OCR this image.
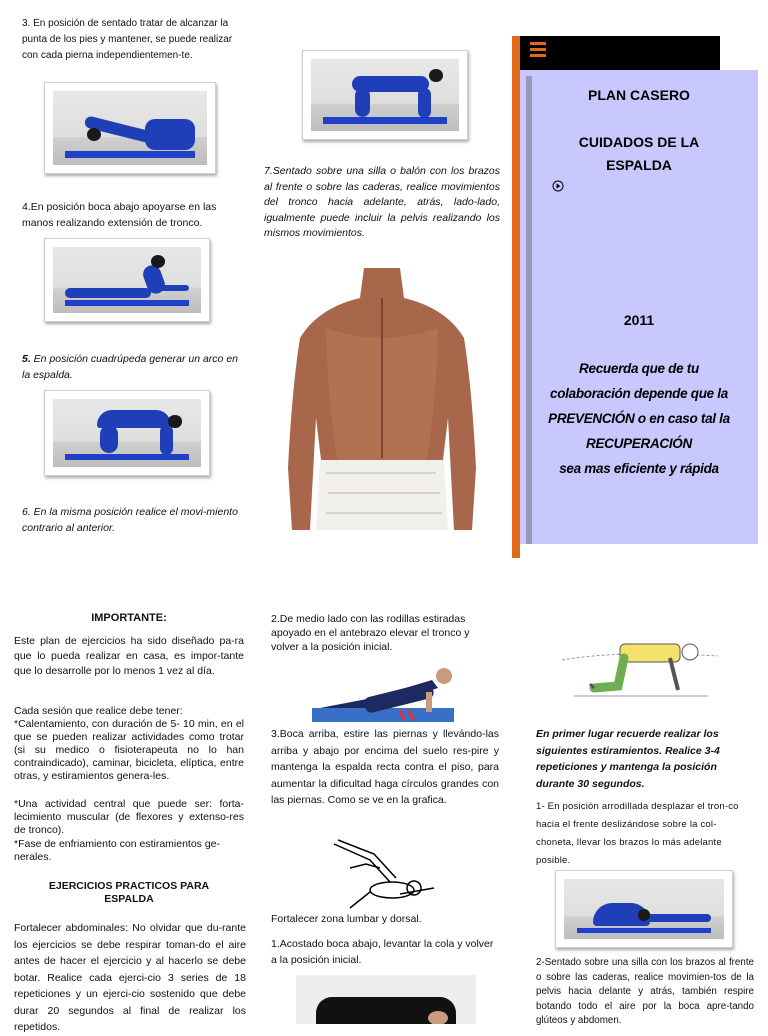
3. En posición de sentado tratar de alcanzar la punta de los pies y mantener, se puede realizar con cada pierna independientemen-te.
4.En posición boca abajo apoyarse en las manos realizando extensión de tronco.
5. En posición cuadrúpeda generar un arco en la espalda.
6. En la misma posición realice el movi-miento contrario al anterior.
7.Sentado sobre una silla o balón con los brazos al frente o sobre las caderas, realice movimientos del tronco hacia adelante, atrás, lado-lado, igualmente puede incluir la pelvis realizando los mismos movimientos.
PLAN CASERO
CUIDADOS DE LA
ESPALDA
2011
Recuerda que de tu
colaboración depende que la
PREVENCIÓN o en caso tal la
RECUPERACIÓN
sea mas eficiente y rápida
IMPORTANTE:
Este plan de ejercicios ha sido diseñado pa-ra que lo pueda realizar en casa, es impor-tante que lo desarrolle por lo menos 1 vez al día.
Cada sesión que realice debe tener:
*Calentamiento, con duración de 5- 10 min, en el que se pueden realizar actividades como trotar (si su medico o fisioterapeuta no lo han contraindicado), caminar, bicicleta, elíptica, entre otras, y estiramientos genera-les.
*Una actividad central que puede ser: forta-lecimiento muscular (de flexores y extenso-res de tronco).
*Fase de enfriamiento con estiramientos ge-nerales.
EJERCICIOS PRACTICOS PARA ESPALDA
Fortalecer abdominales: No olvidar que du-rante los ejercicios se debe respirar toman-do el aire antes de hacer el ejercicio y al hacerlo se debe botar. Realice cada ejerci-cio 3 series de 18 repeticiones y un ejerci-cio sostenido que debe durar 20 segundos al final de realizar los repetidos.
2.De medio lado con las rodillas estiradas apoyado en el antebrazo elevar el tronco y volver a la posición inicial.
3.Boca arriba, estire las piernas y llevándo-las arriba y abajo por encima del suelo res-pire y mantenga la espalda recta contra el piso, para aumentar la dificultad haga círculos grandes con las piernas. Como se ve en la grafica.
Fortalecer zona lumbar y dorsal.
1.Acostado boca abajo, levantar la cola y volver a la posición inicial.
En primer lugar recuerde realizar los siguientes estiramientos. Realice 3-4 repeticiones y mantenga la posición durante 30 segundos.
1- En posición arrodillada desplazar el tron-co hacia el frente deslizándose sobre la col-choneta, llevar los brazos lo más adelante posible.
2-Sentado sobre una silla con los brazos al frente o sobre las caderas, realice movimien-tos de la pelvis hacia delante y atrás, también respire botando todo el aire por la boca apre-tando glúteos y abdomen.
